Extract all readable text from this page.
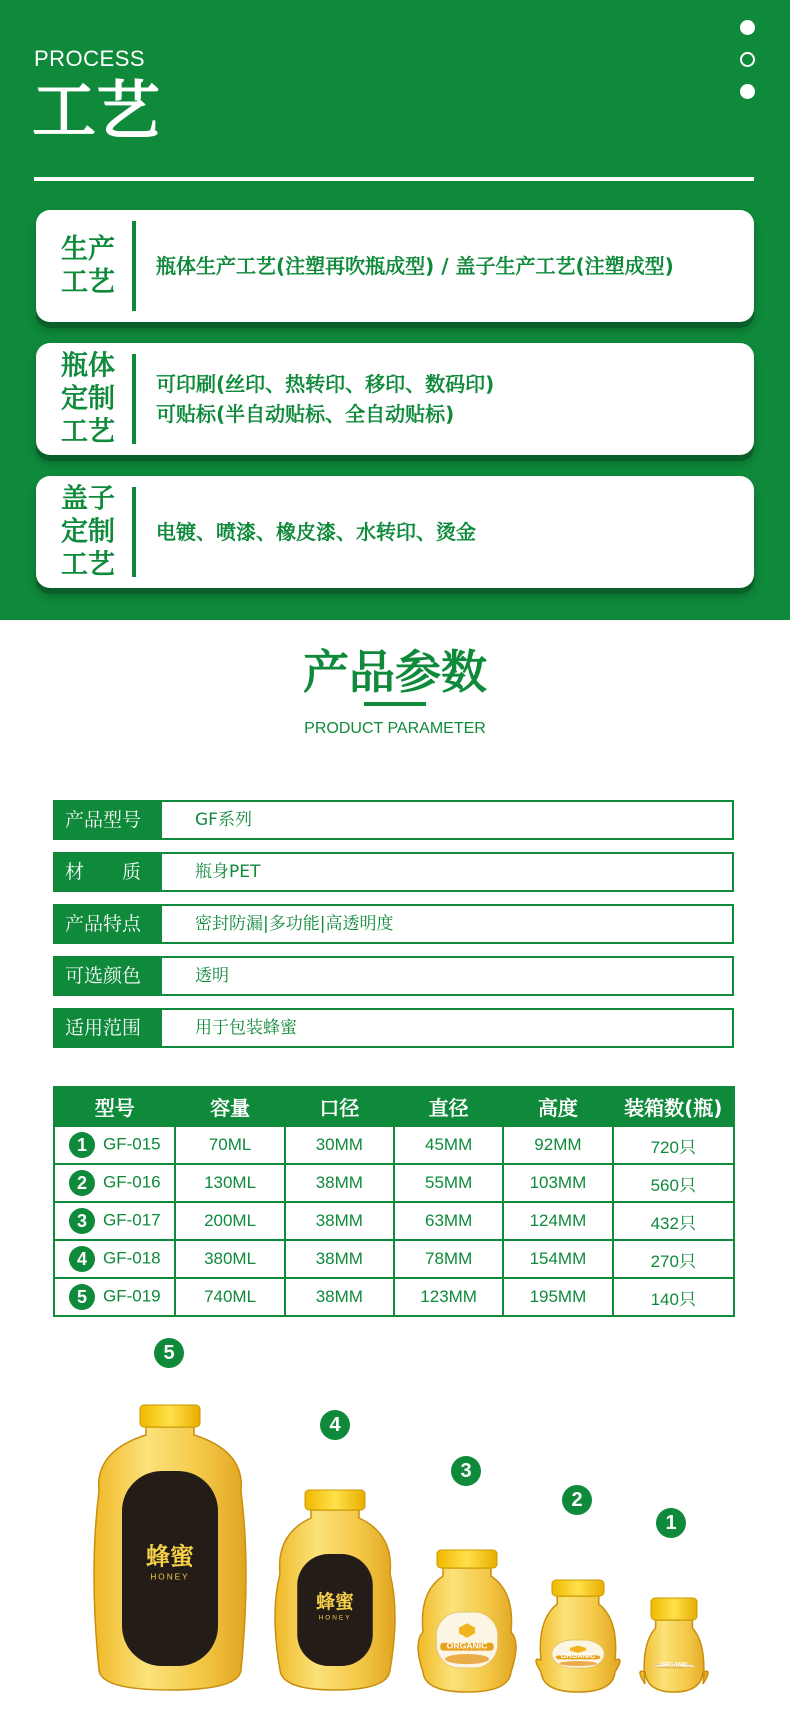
PROCESS
工艺
生产
工艺
瓶体生产工艺(注塑再吹瓶成型) / 盖子生产工艺(注塑成型)
瓶体
定制
工艺
可印刷(丝印、热转印、移印、数码印)
可贴标(半自动贴标、全自动贴标)
盖子
定制
工艺
电镀、喷漆、橡皮漆、水转印、烫金
产品参数
PRODUCT PARAMETER
产品型号	GF系列
材　　质	瓶身PET
产品特点	密封防漏|多功能|高透明度
可选颜色	透明
适用范围	用于包装蜂蜜
型号	容量	口径	直径	高度	装箱数(瓶)
1 GF-015	70ML	30MM	45MM	92MM	720只
2 GF-016	130ML	38MM	55MM	103MM	560只
3 GF-017	200ML	38MM	63MM	124MM	432只
4 GF-018	380ML	38MM	78MM	154MM	270只
5 GF-019	740ML	38MM	123MM	195MM	140只
蜂蜜
HONEY
蜂蜜
HONEY
ORGANIC
ORGANIC
ORGANIC
5
4
3
2
1
